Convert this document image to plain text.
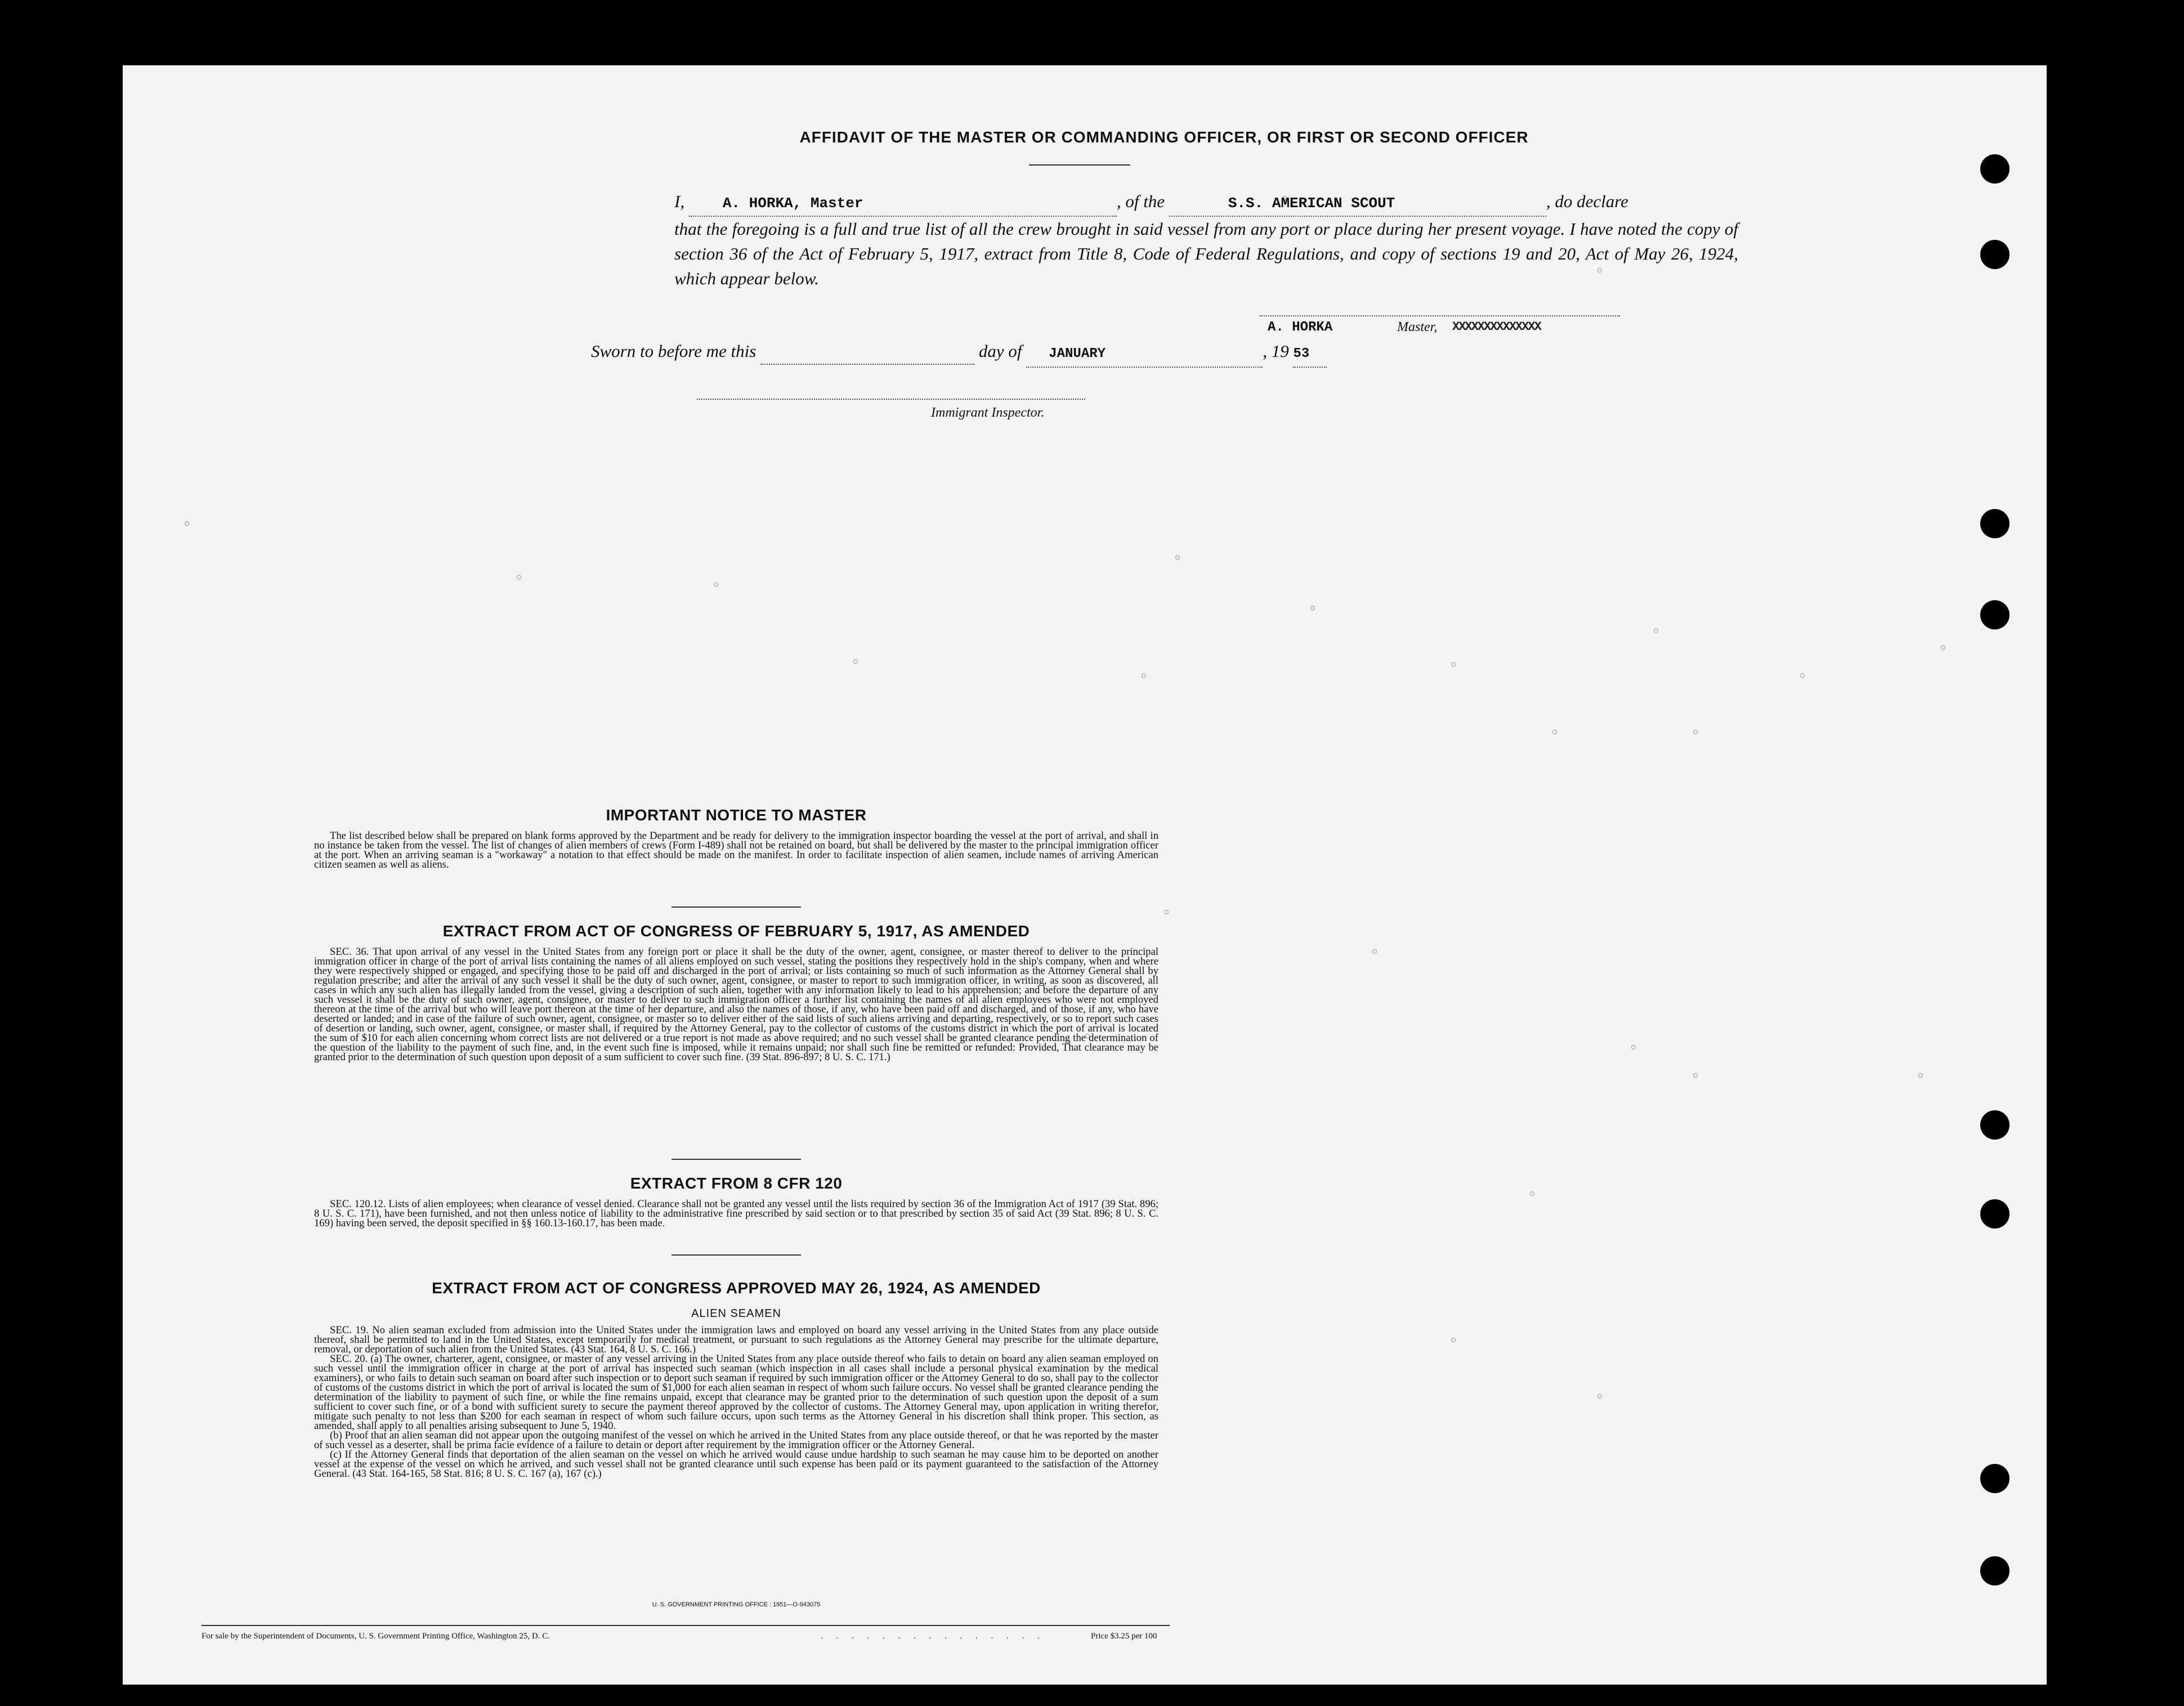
AFFIDAVIT OF THE MASTER OR COMMANDING OFFICER, OR FIRST OR SECOND OFFICER
I,	A. HORKA, Master	, of the	S.S. AMERICAN SCOUT	, do declare
that the foregoing is a full and true list of all the crew brought in said vessel from any port or place during her present voyage. I have noted the copy of section 36 of the Act of February 5, 1917, extract from Title 8, Code of Federal Regulations, and copy of sections 19 and 20, Act of May 26, 1924, which appear below.
A. HORKA	Master, XXXXXXXXXXXXXX
Sworn to before me this	day of JANUARY	, 19 53
Immigrant Inspector.
IMPORTANT NOTICE TO MASTER

The list described below shall be prepared on blank forms approved by the Department and be ready for delivery to the immigration inspector boarding the vessel at the port of arrival, and shall in no instance be taken from the vessel. The list of changes of alien members of crews (Form I-489) shall not be retained on board, but shall be delivered by the master to the principal immigration officer at the port. When an arriving seaman is a "workaway" a notation to that effect should be made on the manifest. In order to facilitate inspection of alien seamen, include names of arriving American citizen seamen as well as aliens.

EXTRACT FROM ACT OF CONGRESS OF FEBRUARY 5, 1917, AS AMENDED

SEC. 36. That upon arrival of any vessel in the United States from any foreign port or place it shall be the duty of the owner, agent, consignee, or master thereof to deliver to the principal immigration officer in charge of the port of arrival lists containing the names of all aliens employed on such vessel, stating the positions they respectively hold in the ship's company, when and where they were respectively shipped or engaged, and specifying those to be paid off and discharged in the port of arrival; or lists containing so much of such information as the Attorney General shall by regulation prescribe; and after the arrival of any such vessel it shall be the duty of such owner, agent, consignee, or master to report to such immigration officer, in writing, as soon as discovered, all cases in which any such alien has illegally landed from the vessel, giving a description of such alien, together with any information likely to lead to his apprehension; and before the departure of any such vessel it shall be the duty of such owner, agent, consignee, or master to deliver to such immigration officer a further list containing the names of all alien employees who were not employed thereon at the time of the arrival but who will leave port thereon at the time of her departure, and also the names of those, if any, who have been paid off and discharged, and of those, if any, who have deserted or landed; and in case of the failure of such owner, agent, consignee, or master so to deliver either of the said lists of such aliens arriving and departing, respectively, or so to report such cases of desertion or landing, such owner, agent, consignee, or master shall, if required by the Attorney General, pay to the collector of customs of the customs district in which the port of arrival is located the sum of $10 for each alien concerning whom correct lists are not delivered or a true report is not made as above required; and no such vessel shall be granted clearance pending the determination of the question of the liability to the payment of such fine, and, in the event such fine is imposed, while it remains unpaid; nor shall such fine be remitted or refunded: Provided, That clearance may be granted prior to the determination of such question upon deposit of a sum sufficient to cover such fine. (39 Stat. 896-897; 8 U. S. C. 171.)

EXTRACT FROM 8 CFR 120

SEC. 120.12. Lists of alien employees; when clearance of vessel denied. Clearance shall not be granted any vessel until the lists required by section 36 of the Immigration Act of 1917 (39 Stat. 896; 8 U. S. C. 171), have been furnished, and not then unless notice of liability to the administrative fine prescribed by said section or to that prescribed by section 35 of said Act (39 Stat. 896; 8 U. S. C. 169) having been served, the deposit specified in §§ 160.13-160.17, has been made.

EXTRACT FROM ACT OF CONGRESS APPROVED MAY 26, 1924, AS AMENDED
ALIEN SEAMEN

SEC. 19. No alien seaman excluded from admission into the United States under the immigration laws and employed on board any vessel arriving in the United States from any place outside thereof, shall be permitted to land in the United States, except temporarily for medical treatment, or pursuant to such regulations as the Attorney General may prescribe for the ultimate departure, removal, or deportation of such alien from the United States. (43 Stat. 164, 8 U. S. C. 166.)

SEC. 20. (a) The owner, charterer, agent, consignee, or master of any vessel arriving in the United States from any place outside thereof who fails to detain on board any alien seaman employed on such vessel until the immigration officer in charge at the port of arrival has inspected such seaman (which inspection in all cases shall include a personal physical examination by the medical examiners), or who fails to detain such seaman on board after such inspection or to deport such seaman if required by such immigration officer or the Attorney General to do so, shall pay to the collector of customs of the customs district in which the port of arrival is located the sum of $1,000 for each alien seaman in respect of whom such failure occurs. No vessel shall be granted clearance pending the determination of the liability to payment of such fine, or while the fine remains unpaid, except that clearance may be granted prior to the determination of such question upon the deposit of a sum sufficient to cover such fine, or of a bond with sufficient surety to secure the payment thereof approved by the collector of customs. The Attorney General may, upon application in writing therefor, mitigate such penalty to not less than $200 for each seaman in respect of whom such failure occurs, upon such terms as the Attorney General in his discretion shall think proper. This section, as amended, shall apply to all penalties arising subsequent to June 5, 1940.

(b) Proof that an alien seaman did not appear upon the outgoing manifest of the vessel on which he arrived in the United States from any place outside thereof, or that he was reported by the master of such vessel as a deserter, shall be prima facie evidence of a failure to detain or deport after requirement by the immigration officer or the Attorney General.

(c) If the Attorney General finds that deportation of the alien seaman on the vessel on which he arrived would cause undue hardship to such seaman he may cause him to be deported on another vessel at the expense of the vessel on which he arrived, and such vessel shall not be granted clearance until such expense has been paid or its payment guaranteed to the satisfaction of the Attorney General. (43 Stat. 164-165, 58 Stat. 816; 8 U. S. C. 167 (a), 167 (c).)

U. S. GOVERNMENT PRINTING OFFICE : 1951—O-943075
For sale by the Superintendent of Documents, U. S. Government Printing Office, Washington 25, D. C.	. . . . . . . . . . . . . . .	Price $3.25 per 100
